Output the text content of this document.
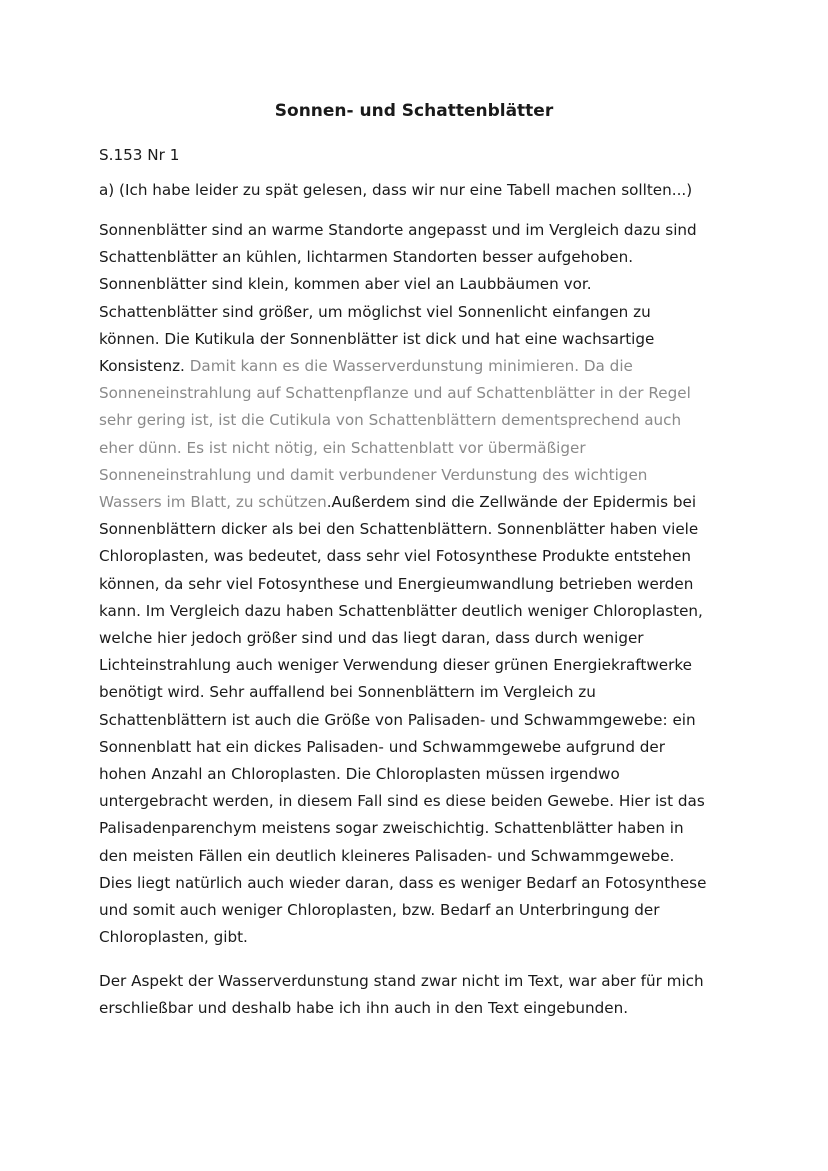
Sonnen- und Schattenblätter

S.153 Nr 1

a) (Ich habe leider zu spät gelesen, dass wir nur eine Tabell machen sollten...)

Sonnenblätter sind an warme Standorte angepasst und im Vergleich dazu sind
Schattenblätter an kühlen, lichtarmen Standorten besser aufgehoben.
Sonnenblätter sind klein, kommen aber viel an Laubbäumen vor.
Schattenblätter sind größer, um möglichst viel Sonnenlicht einfangen zu
können. Die Kutikula der Sonnenblätter ist dick und hat eine wachsartige
Konsistenz. Damit kann es die Wasserverdunstung minimieren. Da die
Sonneneinstrahlung auf Schattenpflanze und auf Schattenblätter in der Regel
sehr gering ist, ist die Cutikula von Schattenblättern dementsprechend auch
eher dünn. Es ist nicht nötig, ein Schattenblatt vor übermäßiger
Sonneneinstrahlung und damit verbundener Verdunstung des wichtigen
Wassers im Blatt, zu schützen.Außerdem sind die Zellwände der Epidermis bei
Sonnenblättern dicker als bei den Schattenblättern. Sonnenblätter haben viele
Chloroplasten, was bedeutet, dass sehr viel Fotosynthese Produkte entstehen
können, da sehr viel Fotosynthese und Energieumwandlung betrieben werden
kann. Im Vergleich dazu haben Schattenblätter deutlich weniger Chloroplasten,
welche hier jedoch größer sind und das liegt daran, dass durch weniger
Lichteinstrahlung auch weniger Verwendung dieser grünen Energiekraftwerke
benötigt wird. Sehr auffallend bei Sonnenblättern im Vergleich zu
Schattenblättern ist auch die Größe von Palisaden- und Schwammgewebe: ein
Sonnenblatt hat ein dickes Palisaden- und Schwammgewebe aufgrund der
hohen Anzahl an Chloroplasten. Die Chloroplasten müssen irgendwo
untergebracht werden, in diesem Fall sind es diese beiden Gewebe. Hier ist das
Palisadenparenchym meistens sogar zweischichtig. Schattenblätter haben in
den meisten Fällen ein deutlich kleineres Palisaden- und Schwammgewebe.
Dies liegt natürlich auch wieder daran, dass es weniger Bedarf an Fotosynthese
und somit auch weniger Chloroplasten, bzw. Bedarf an Unterbringung der
Chloroplasten, gibt.
Der Aspekt der Wasserverdunstung stand zwar nicht im Text, war aber für mich
erschließbar und deshalb habe ich ihn auch in den Text eingebunden.
